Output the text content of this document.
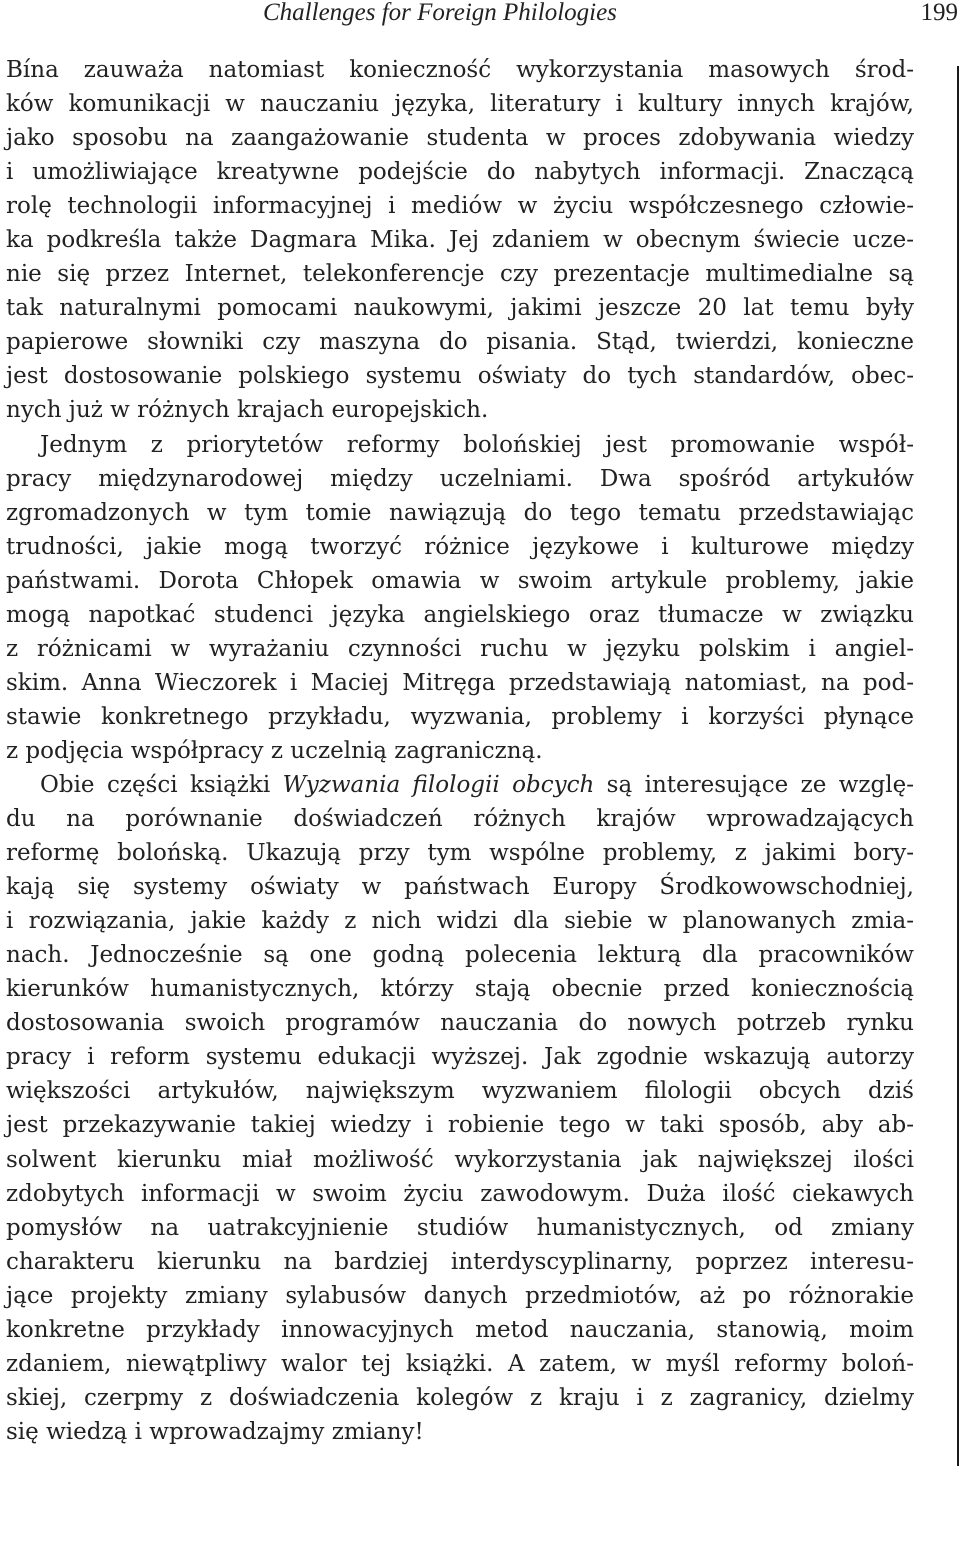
Challenges for Foreign Philologies	199
Bína zauważa natomiast konieczność wykorzystania masowych środ-
ków komunikacji w nauczaniu języka, literatury i kultury innych krajów,
jako sposobu na zaangażowanie studenta w proces zdobywania wiedzy
i umożliwiające kreatywne podejście do nabytych informacji. Znaczącą
rolę technologii informacyjnej i mediów w życiu współczesnego człowie-
ka podkreśla także Dagmara Mika. Jej zdaniem w obecnym świecie ucze-
nie się przez Internet, telekonferencje czy prezentacje multimedialne są
tak naturalnymi pomocami naukowymi, jakimi jeszcze 20 lat temu były
papierowe słowniki czy maszyna do pisania. Stąd, twierdzi, konieczne
jest dostosowanie polskiego systemu oświaty do tych standardów, obec-
nych już w różnych krajach europejskich.
Jednym z priorytetów reformy bolońskiej jest promowanie współ-
pracy międzynarodowej między uczelniami. Dwa spośród artykułów
zgromadzonych w tym tomie nawiązują do tego tematu przedstawiając
trudności, jakie mogą tworzyć różnice językowe i kulturowe między
państwami. Dorota Chłopek omawia w swoim artykule problemy, jakie
mogą napotkać studenci języka angielskiego oraz tłumacze w związku
z różnicami w wyrażaniu czynności ruchu w języku polskim i angiel-
skim. Anna Wieczorek i Maciej Mitręga przedstawiają natomiast, na pod-
stawie konkretnego przykładu, wyzwania, problemy i korzyści płynące
z podjęcia współpracy z uczelnią zagraniczną.
Obie części książki Wyzwania filologii obcych są interesujące ze wzglę-
du na porównanie doświadczeń różnych krajów wprowadzających
reformę bolońską. Ukazują przy tym wspólne problemy, z jakimi bory-
kają się systemy oświaty w państwach Europy Środkowowschodniej,
i rozwiązania, jakie każdy z nich widzi dla siebie w planowanych zmia-
nach. Jednocześnie są one godną polecenia lekturą dla pracowników
kierunków humanistycznych, którzy stają obecnie przed koniecznością
dostosowania swoich programów nauczania do nowych potrzeb rynku
pracy i reform systemu edukacji wyższej. Jak zgodnie wskazują autorzy
większości artykułów, największym wyzwaniem filologii obcych dziś
jest przekazywanie takiej wiedzy i robienie tego w taki sposób, aby ab-
solwent kierunku miał możliwość wykorzystania jak największej ilości
zdobytych informacji w swoim życiu zawodowym. Duża ilość ciekawych
pomysłów na uatrakcyjnienie studiów humanistycznych, od zmiany
charakteru kierunku na bardziej interdyscyplinarny, poprzez interesu-
jące projekty zmiany sylabusów danych przedmiotów, aż po różnorakie
konkretne przykłady innowacyjnych metod nauczania, stanowią, moim
zdaniem, niewątpliwy walor tej książki. A zatem, w myśl reformy boloń-
skiej, czerpmy z doświadczenia kolegów z kraju i z zagranicy, dzielmy
się wiedzą i wprowadzajmy zmiany!
